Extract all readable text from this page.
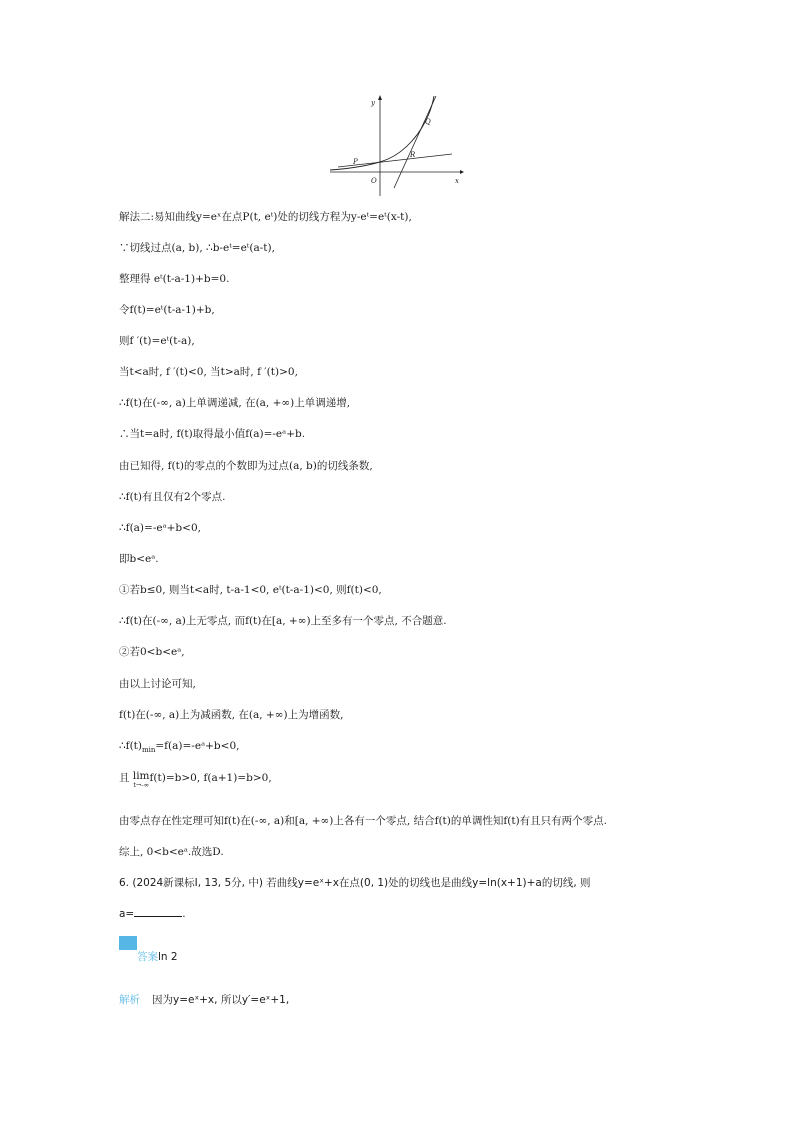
y
x
O
P
Q
R
解法二:易知曲线y=eˣ在点P(t, eᵗ)处的切线方程为y-eᵗ=eᵗ(x-t),
∵切线过点(a, b), ∴b-eᵗ=eᵗ(a-t),
整理得 eᵗ(t-a-1)+b=0.
令f(t)=eᵗ(t-a-1)+b,
则f ′(t)=eᵗ(t-a),
当t<a时, f ′(t)<0, 当t>a时, f ′(t)>0,
∴f(t)在(-∞, a)上单调递减, 在(a, +∞)上单调递增,
∴当t=a时, f(t)取得最小值f(a)=-eᵃ+b.
由已知得, f(t)的零点的个数即为过点(a, b)的切线条数,
∴f(t)有且仅有2个零点.
∴f(a)=-eᵃ+b<0,
即b<eᵃ.
①若b≤0, 则当t<a时, t-a-1<0, eᵗ(t-a-1)<0, 则f(t)<0,
∴f(t)在(-∞, a)上无零点, 而f(t)在[a, +∞)上至多有一个零点, 不合题意.
②若0<b<eᵃ,
由以上讨论可知,
f(t)在(-∞, a)上为减函数, 在(a, +∞)上为增函数,
$\therefore f(t)_{min}=f(a)=-eᵃ+b<0$,
且 lim
t→-∞
f(t)=b>0, f(a+1)=b>0,
由零点存在性定理可知f(t)在(-∞, a)和[a, +∞)上各有一个零点, 结合f(t)的单调性知f(t)有且只有两个零点.
综上, 0<b<eᵃ.故选D.
6. (2024新课标Ⅰ, 13, 5分, 中) 若曲线y=eˣ+x在点(0, 1)处的切线也是曲线y=ln(x+1)+a的切线, 则
a=	.
答案ln 2
解析 因为y=eˣ+x, 所以y′=eˣ+1,
